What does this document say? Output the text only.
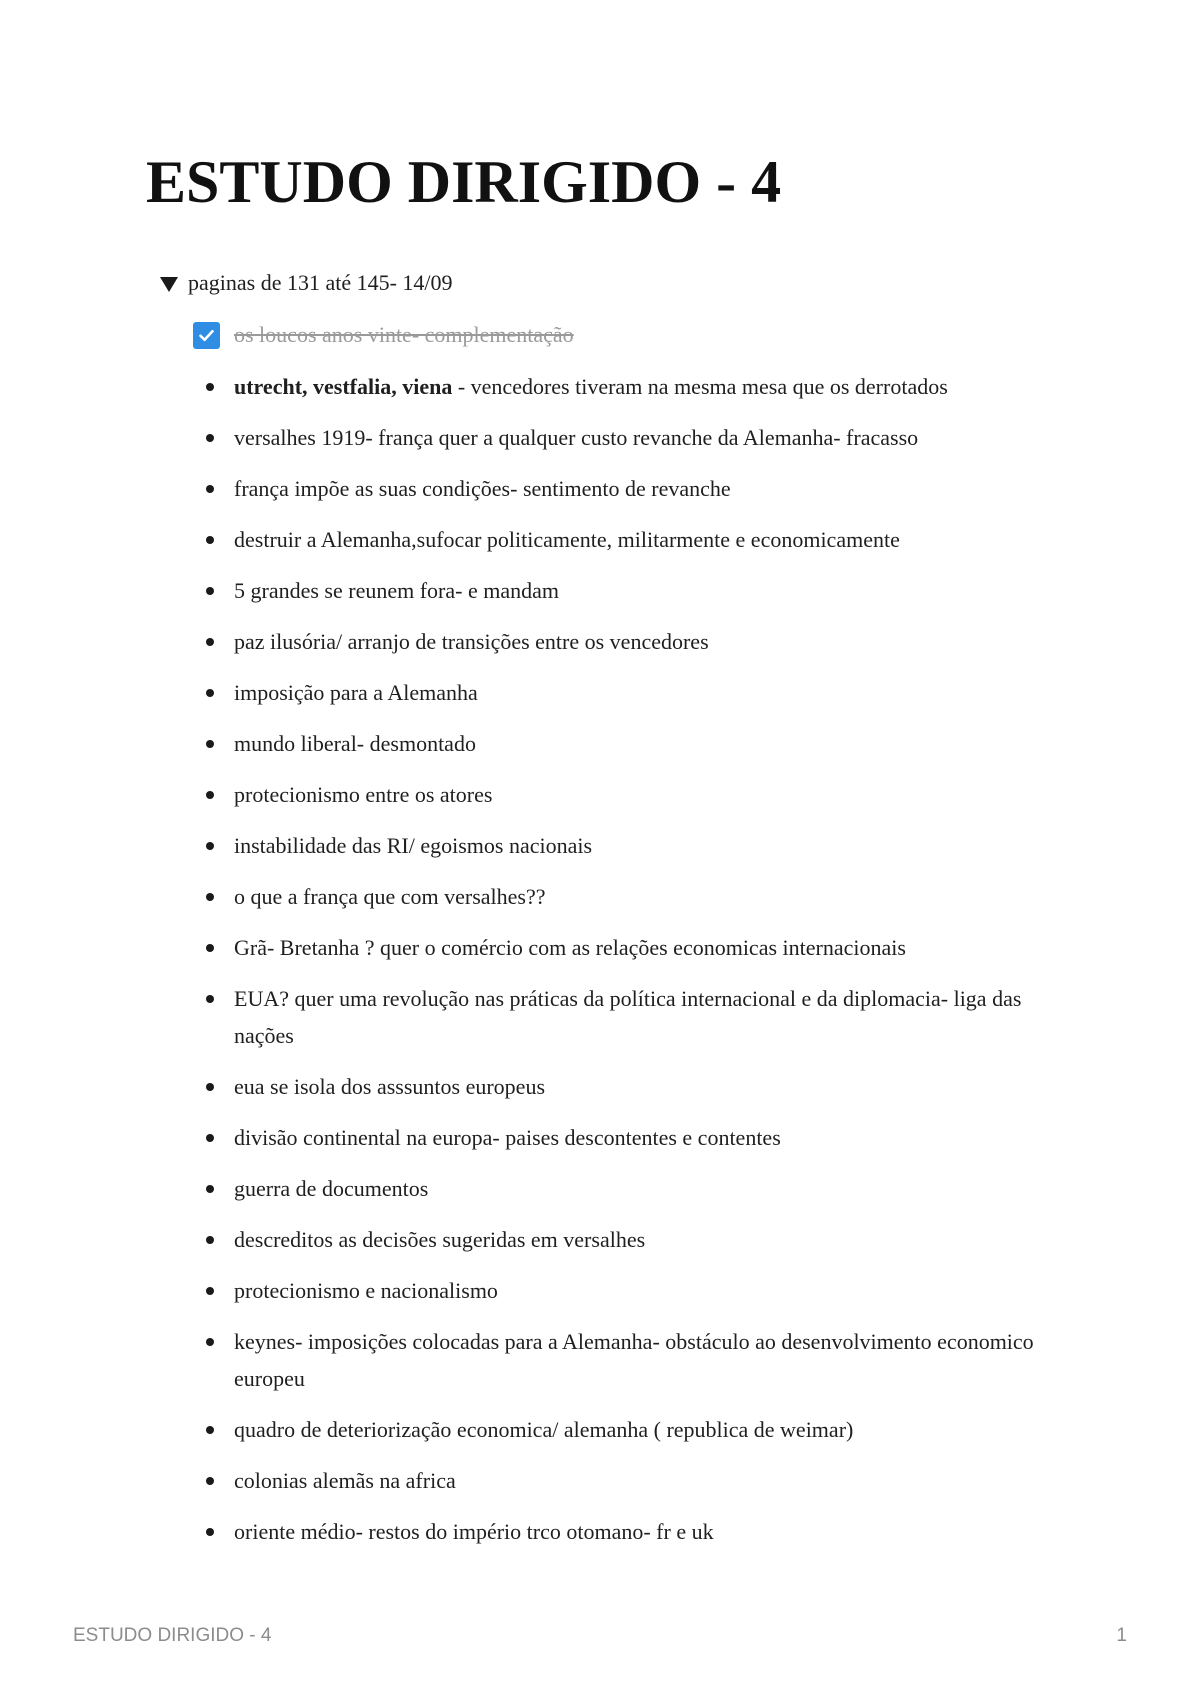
ESTUDO DIRIGIDO - 4
paginas de 131 até 145- 14/09
os loucos anos vinte- complementação
utrecht, vestfalia, viena - vencedores tiveram na mesma mesa que os derrotados
versalhes 1919- frança quer a qualquer custo revanche da Alemanha- fracasso
frança impõe as suas condições- sentimento de revanche
destruir a Alemanha,sufocar politicamente, militarmente e economicamente
5 grandes se reunem fora- e mandam
paz ilusória/ arranjo de transições entre os vencedores
imposição para a Alemanha
mundo liberal- desmontado
protecionismo entre os atores
instabilidade das RI/ egoismos nacionais
o que a frança que com versalhes??
Grã- Bretanha ? quer o comércio com as relações economicas internacionais
EUA? quer uma revolução nas práticas da política internacional e da diplomacia- liga das nações
eua se isola dos asssuntos europeus
divisão continental na europa- paises descontentes e contentes
guerra de documentos
descreditos as decisões sugeridas em versalhes
protecionismo e nacionalismo
keynes- imposições colocadas para a Alemanha- obstáculo ao desenvolvimento economico europeu
quadro de deteriorização economica/ alemanha ( republica de weimar)
colonias alemãs na africa
oriente médio- restos do império trco otomano- fr e uk
ESTUDO DIRIGIDO - 4	1
